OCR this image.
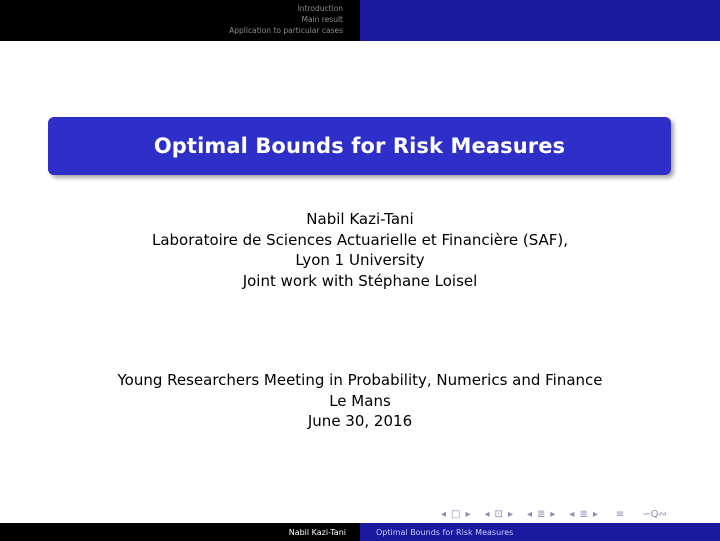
Introduction
Main result
Application to particular cases
Optimal Bounds for Risk Measures
Nabil Kazi-Tani
Laboratoire de Sciences Actuarielle et Financière (SAF),
Lyon 1 University
Joint work with Stéphane Loisel
Young Researchers Meeting in Probability, Numerics and Finance
Le Mans
June 30, 2016
◂ □ ▸ ◂ ⊡ ▸ ◂ ≣ ▸ ◂ ≣ ▸ ≡ ∽Q∾
Nabil Kazi-Tani	Optimal Bounds for Risk Measures
